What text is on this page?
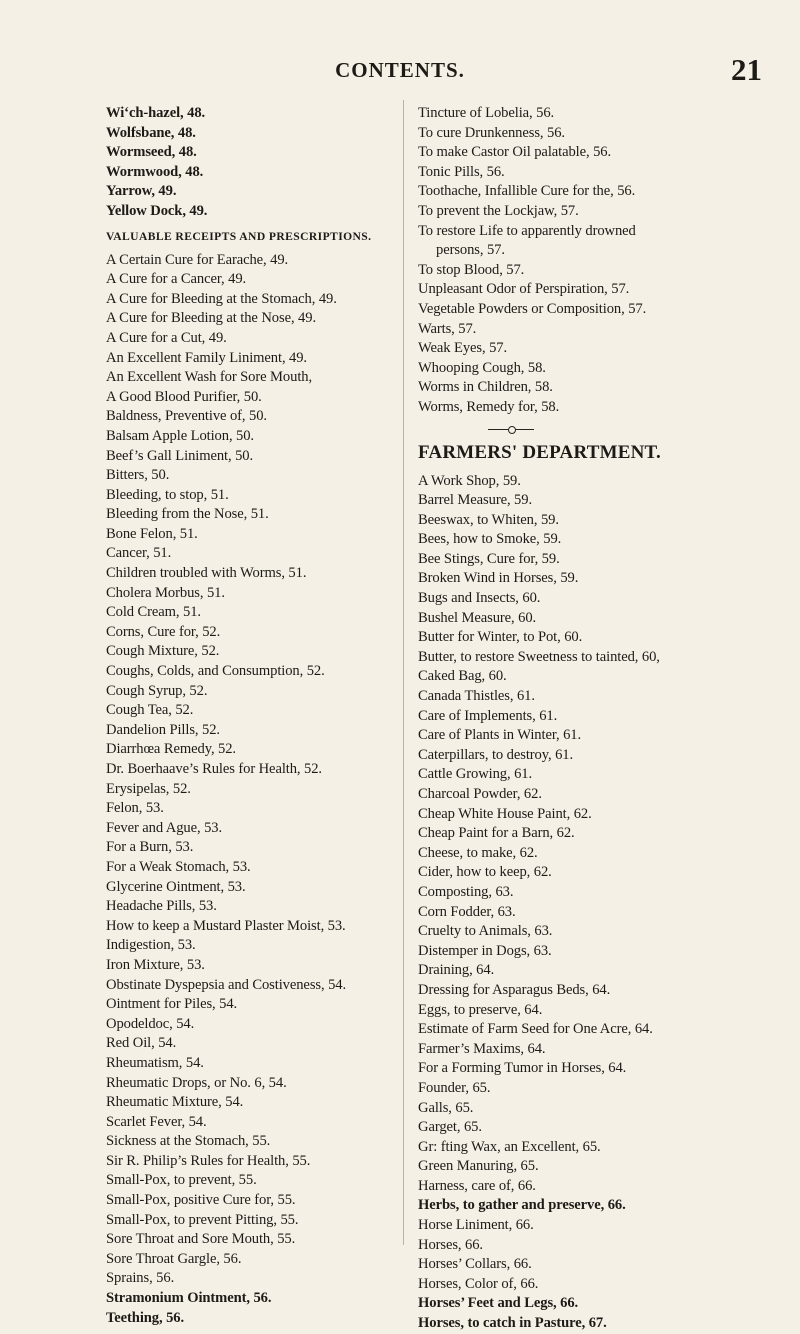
CONTENTS.	21
Wi‘ch-hazel, 48.
Wolfsbane, 48.
Wormseed, 48.
Wormwood, 48.
Yarrow, 49.
Yellow Dock, 49.
VALUABLE RECEIPTS AND PRESCRIPTIONS.
A Certain Cure for Earache, 49.
A Cure for a Cancer, 49.
A Cure for Bleeding at the Stomach, 49.
A Cure for Bleeding at the Nose, 49.
A Cure for a Cut, 49.
An Excellent Family Liniment, 49.
An Excellent Wash for Sore Mouth,
A Good Blood Purifier, 50.
Baldness, Preventive of, 50.
Balsam Apple Lotion, 50.
Beef’s Gall Liniment, 50.
Bitters, 50.
Bleeding, to stop, 51.
Bleeding from the Nose, 51.
Bone Felon, 51.
Cancer, 51.
Children troubled with Worms, 51.
Cholera Morbus, 51.
Cold Cream, 51.
Corns, Cure for, 52.
Cough Mixture, 52.
Coughs, Colds, and Consumption, 52.
Cough Syrup, 52.
Cough Tea, 52.
Dandelion Pills, 52.
Diarrhœa Remedy, 52.
Dr. Boerhaave’s Rules for Health, 52.
Erysipelas, 52.
Felon, 53.
Fever and Ague, 53.
For a Burn, 53.
For a Weak Stomach, 53.
Glycerine Ointment, 53.
Headache Pills, 53.
How to keep a Mustard Plaster Moist, 53.
Indigestion, 53.
Iron Mixture, 53.
Obstinate Dyspepsia and Costiveness, 54.
Ointment for Piles, 54.
Opodeldoc, 54.
Red Oil, 54.
Rheumatism, 54.
Rheumatic Drops, or No. 6, 54.
Rheumatic Mixture, 54.
Scarlet Fever, 54.
Sickness at the Stomach, 55.
Sir R. Philip’s Rules for Health, 55.
Small-Pox, to prevent, 55.
Small-Pox, positive Cure for, 55.
Small-Pox, to prevent Pitting, 55.
Sore Throat and Sore Mouth, 55.
Sore Throat Gargle, 56.
Sprains, 56.
Stramonium Ointment, 56.
Teething, 56.
Tincture of Lobelia, 56.
To cure Drunkenness, 56.
To make Castor Oil palatable, 56.
Tonic Pills, 56.
Toothache, Infallible Cure for the, 56.
To prevent the Lockjaw, 57.
To restore Life to apparently drowned
persons, 57.
To stop Blood, 57.
Unpleasant Odor of Perspiration, 57.
Vegetable Powders or Composition, 57.
Warts, 57.
Weak Eyes, 57.
Whooping Cough, 58.
Worms in Children, 58.
Worms, Remedy for, 58.
FARMERS' DEPARTMENT.
A Work Shop, 59.
Barrel Measure, 59.
Beeswax, to Whiten, 59.
Bees, how to Smoke, 59.
Bee Stings, Cure for, 59.
Broken Wind in Horses, 59.
Bugs and Insects, 60.
Bushel Measure, 60.
Butter for Winter, to Pot, 60.
Butter, to restore Sweetness to tainted, 60,
Caked Bag, 60.
Canada Thistles, 61.
Care of Implements, 61.
Care of Plants in Winter, 61.
Caterpillars, to destroy, 61.
Cattle Growing, 61.
Charcoal Powder, 62.
Cheap White House Paint, 62.
Cheap Paint for a Barn, 62.
Cheese, to make, 62.
Cider, how to keep, 62.
Composting, 63.
Corn Fodder, 63.
Cruelty to Animals, 63.
Distemper in Dogs, 63.
Draining, 64.
Dressing for Asparagus Beds, 64.
Eggs, to preserve, 64.
Estimate of Farm Seed for One Acre, 64.
Farmer’s Maxims, 64.
For a Forming Tumor in Horses, 64.
Founder, 65.
Galls, 65.
Garget, 65.
Gr: fting Wax, an Excellent, 65.
Green Manuring, 65.
Harness, care of, 66.
Herbs, to gather and preserve, 66.
Horse Liniment, 66.
Horses, 66.
Horses’ Collars, 66.
Horses, Color of, 66.
Horses’ Feet and Legs, 66.
Horses, to catch in Pasture, 67.
